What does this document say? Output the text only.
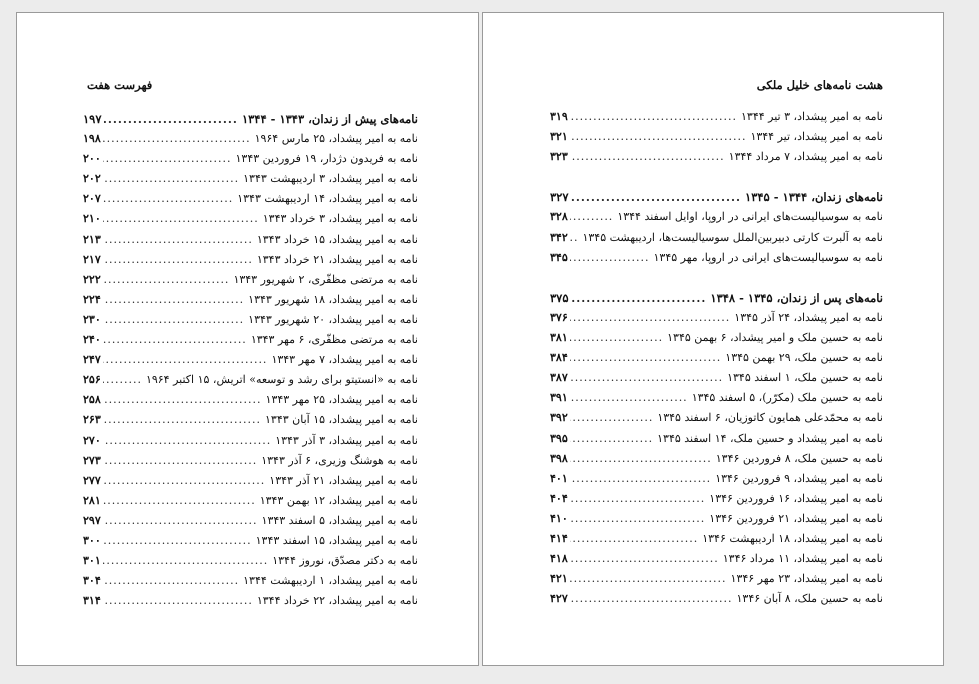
فهرست هفت
نامه‌های پیش از زندان، ۱۳۴۳ - ۱۳۴۴
.....
۱۹۷
نامه به امیر پیشداد، ۲۵ مارس ۱۹۶۴
.....
۱۹۸
نامه به فریدون دژدار، ۱۹ فروردین ۱۳۴۳
.....
۲۰۰
نامه به امیر پیشداد، ۳ اردیبهشت ۱۳۴۳
.....
۲۰۲
نامه به امیر پیشداد، ۱۴ اردیبهشت ۱۳۴۳
.....
۲۰۷
نامه به امیر پیشداد، ۳ خرداد ۱۳۴۳
.....
۲۱۰
نامه به امیر پیشداد، ۱۵ خرداد ۱۳۴۳
.....
۲۱۳
نامه به امیر پیشداد، ۲۱ خرداد ۱۳۴۳
.....
۲۱۷
نامه به مرتضی مظفّری، ۲ شهریور ۱۳۴۳
.....
۲۲۲
نامه به امیر پیشداد، ۱۸ شهریور ۱۳۴۳
.....
۲۲۴
نامه به امیر پیشداد، ۲۰ شهریور ۱۳۴۳
.....
۲۳۰
نامه به مرتضی مظفّری، ۶ مهر ۱۳۴۳
.....
۲۴۰
نامه به امیر پیشداد، ۷ مهر ۱۳۴۳
.....
۲۴۷
نامه به «انستیتو برای رشد و توسعه» اتریش، ۱۵ اکتبر ۱۹۶۴
.....
۲۵۶
نامه به امیر پیشداد، ۲۵ مهر ۱۳۴۳
.....
۲۵۸
نامه به امیر پیشداد، ۱۵ آبان ۱۳۴۳
.....
۲۶۳
نامه به امیر پیشداد، ۳ آذر ۱۳۴۳
.....
۲۷۰
نامه به هوشنگ وزیری، ۶ آذر ۱۳۴۳
.....
۲۷۳
نامه به امیر پیشداد، ۲۱ آذر ۱۳۴۳
.....
۲۷۷
نامه به امیر پیشداد، ۱۲ بهمن ۱۳۴۳
.....
۲۸۱
نامه به امیر پیشداد، ۵ اسفند ۱۳۴۳
.....
۲۹۷
نامه به امیر پیشداد، ۱۵ اسفند ۱۳۴۳
.....
۳۰۰
نامه به دکتر مصدّق، نوروز ۱۳۴۴
.....
۳۰۱
نامه به امیر پیشداد، ۱ اردیبهشت ۱۳۴۴
.....
۳۰۴
نامه به امیر پیشداد، ۲۲ خرداد ۱۳۴۴
.....
۳۱۴
هشت نامه‌های خلیل ملکی
نامه به امیر پیشداد، ۳ تیر ۱۳۴۴
.....
۳۱۹
نامه به امیر پیشداد، تیر ۱۳۴۴
.....
۳۲۱
نامه به امیر پیشداد، ۷ مرداد ۱۳۴۴
.....
۳۲۳
نامه‌های زندان، ۱۳۴۴ - ۱۳۴۵
.....
۳۲۷
نامه به سوسیالیست‌های ایرانی در اروپا، اوایل اسفند ۱۳۴۴
.....
۳۲۸
نامه به آلبرت کارتی دبیربین‌الملل سوسیالیست‌ها، اردیبهشت ۱۳۴۵
.....
۳۴۲
نامه به سوسیالیست‌های ایرانی در اروپا، مهر ۱۳۴۵
.....
۳۴۵
نامه‌های پس از زندان، ۱۳۴۵ - ۱۳۴۸
.....
۳۷۵
نامه به امیر پیشداد، ۲۴ آذر ۱۳۴۵
.....
۳۷۶
نامه به حسین ملک و امیر پیشداد، ۶ بهمن ۱۳۴۵
.....
۳۸۱
نامه به حسین ملک، ۲۹ بهمن ۱۳۴۵
.....
۳۸۴
نامه به حسین ملک، ۱ اسفند ۱۳۴۵
.....
۳۸۷
نامه به حسین ملک (مکرّر)، ۵ اسفند ۱۳۴۵
.....
۳۹۱
نامه به محمّدعلی همایون کاتوزیان، ۶ اسفند ۱۳۴۵
.....
۳۹۲
نامه به امیر پیشداد و حسین ملک، ۱۴ اسفند ۱۳۴۵
.....
۳۹۵
نامه به حسین ملک، ۸ فروردین ۱۳۴۶
.....
۳۹۸
نامه به امیر پیشداد، ۹ فروردین ۱۳۴۶
.....
۴۰۱
نامه به امیر پیشداد، ۱۶ فروردین ۱۳۴۶
.....
۴۰۴
نامه به امیر پیشداد، ۲۱ فروردین ۱۳۴۶
.....
۴۱۰
نامه به امیر پیشداد، ۱۸ اردیبهشت ۱۳۴۶
.....
۴۱۴
نامه به امیر پیشداد، ۱۱ مرداد ۱۳۴۶
.....
۴۱۸
نامه به امیر پیشداد، ۲۳ مهر ۱۳۴۶
.....
۴۲۱
نامه به حسین ملک، ۸ آبان ۱۳۴۶
.....
۴۲۷
